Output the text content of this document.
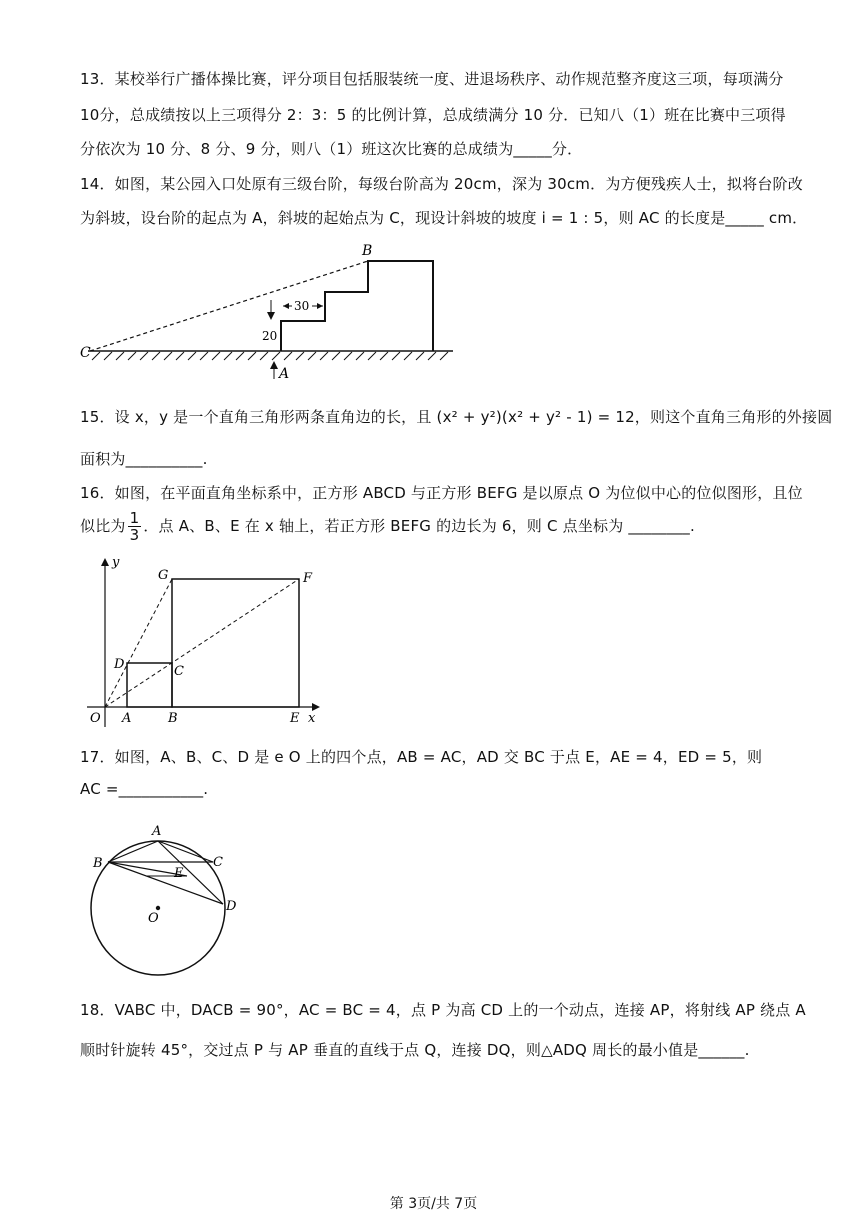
13．某校举行广播体操比赛，评分项目包括服装统一度、进退场秩序、动作规范整齐度这三项，每项满分
10分，总成绩按以上三项得分 2：3：5 的比例计算，总成绩满分 10 分．已知八（1）班在比赛中三项得
分依次为 10 分、8 分、9 分，则八（1）班这次比赛的总成绩为_____分．
14．如图，某公园入口处原有三级台阶，每级台阶高为 20cm，深为 30cm．为方便残疾人士，拟将台阶改
为斜坡，设台阶的起点为 A，斜坡的起始点为 C，现设计斜坡的坡度 i = 1 : 5，则 AC 的长度是_____ cm．
30
20
B
C
A
15．设 x，y 是一个直角三角形两条直角边的长，且 (x² + y²)(x² + y² - 1) = 12，则这个直角三角形的外接圆
面积为__________.
16．如图，在平面直角坐标系中，正方形 ABCD 与正方形 BEFG 是以原点 O 为位似中心的位似图形，且位
似比为 $\frac{1}{3}$ ．点 A、B、E 在 x 轴上，若正方形 BEFG 的边长为 6，则 C 点坐标为 ________.
y
x
O A	B	E
D	C
G	F
17．如图，A、B、C、D 是 e O 上的四个点，AB = AC，AD 交 BC 于点 E，AE = 4，ED = 5，则
AC =___________.
A
B	C
D
E
O
18．VABC 中，DACB = 90°，AC = BC = 4，点 P 为高 CD 上的一个动点，连接 AP，将射线 AP 绕点 A
顺时针旋转 45°，交过点 P 与 AP 垂直的直线于点 Q，连接 DQ，则△ADQ 周长的最小值是______.
第 3页/共 7页
